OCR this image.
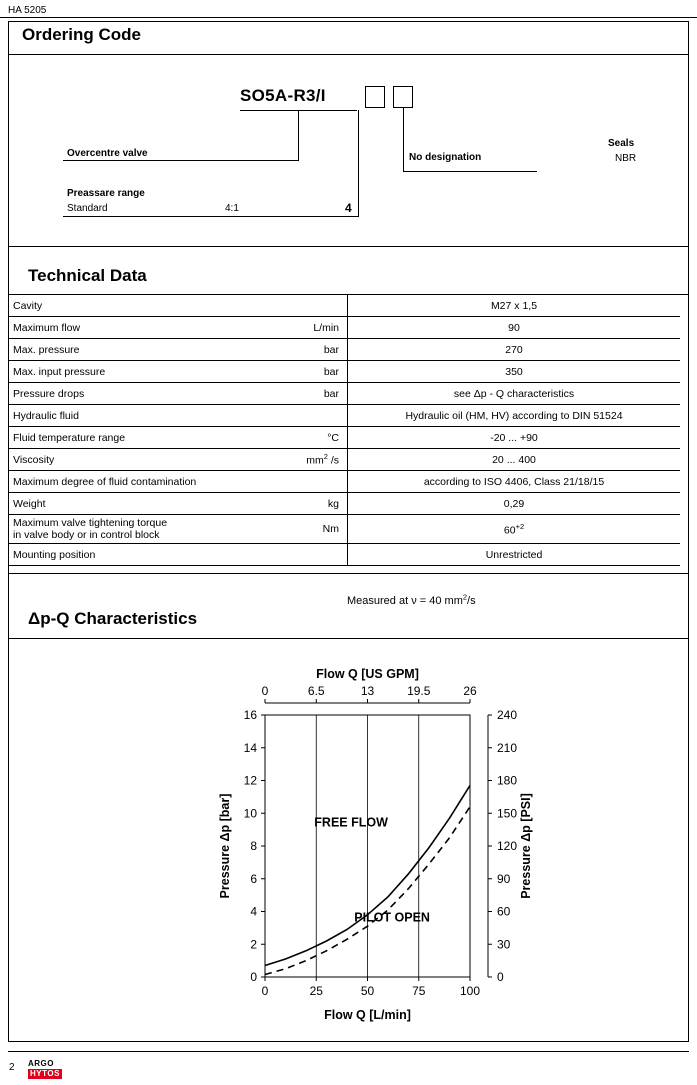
HA 5205
Ordering Code
SO5A-R3/I
Overcentre valve
Preassare range
Standard	4:1	4
No designation
Seals
NBR
Technical Data
Cavity		M27 x 1,5
Maximum flow	L/min	90
Max. pressure	bar	270
Max. input pressure	bar	350
Pressure drops	bar	see Δp - Q characteristics
Hydraulic fluid		Hydraulic oil (HM, HV) according to DIN 51524
Fluid temperature range	°C	-20 ... +90
Viscosity	$mm^2$ /s	20 ... 400
Maximum degree of fluid contamination		according to ISO 4406, Class 21/18/15
Weight	kg	0,29
Maximum valve tightening torque
in valve body or in control block	Nm	$60^{+2}$
Mounting position		Unrestricted
Δp-Q Characteristics
Measured at ν = 40 $mm^2/s$
0	25	50	75	100
0	6.5	13	19.5	26
0
2
4
6
8
10
12
14
16
0
30
60
90
120
150
180
210
240
Flow Q [US GPM]
Flow Q [L/min]
Pressure Δp [bar]	Pressure Δp [PSI]
FREE FLOW
PILOT OPEN
2 ARGO
HYTOS
